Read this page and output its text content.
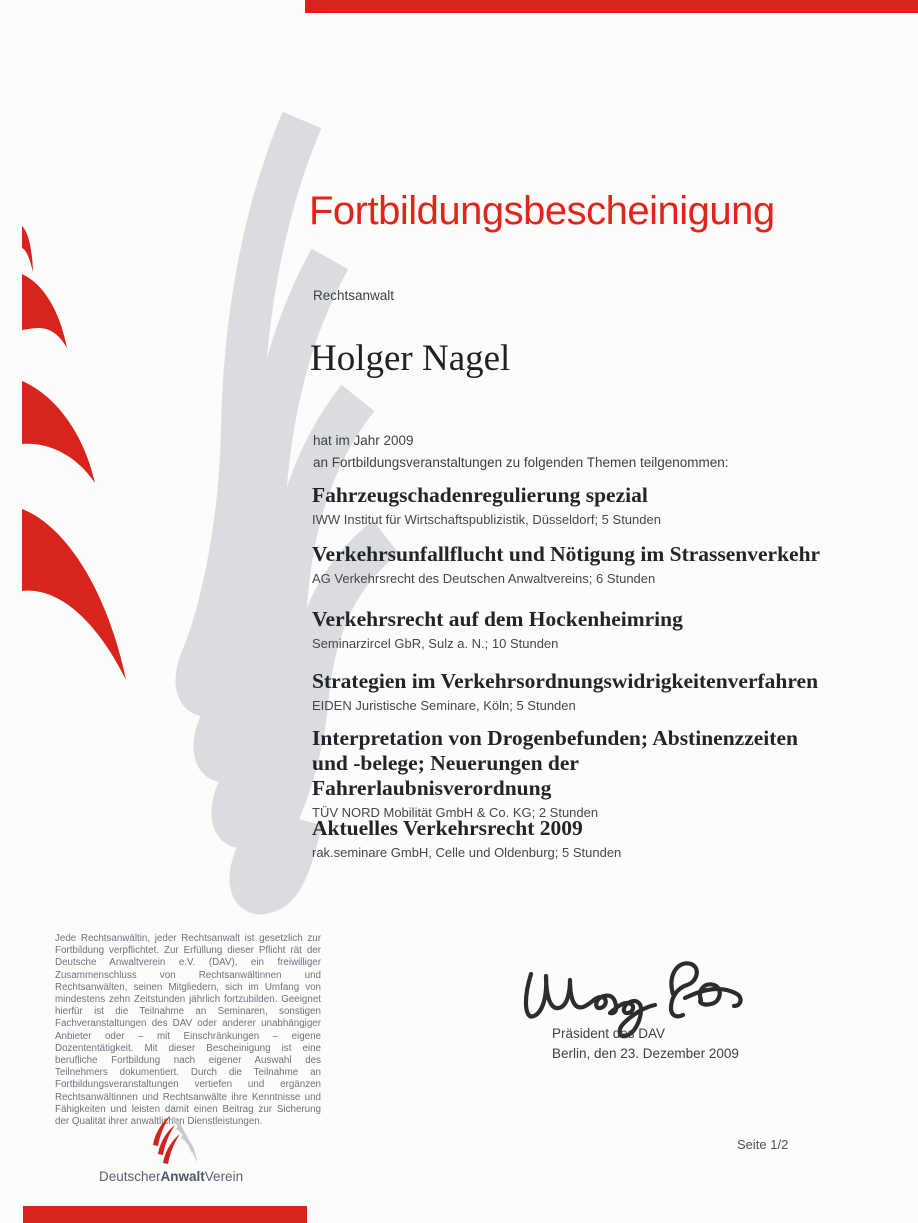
Fortbildungsbescheinigung
Rechtsanwalt
Holger Nagel
hat im Jahr 2009
an Fortbildungsveranstaltungen zu folgenden Themen teilgenommen:
Fahrzeugschadenregulierung spezial
IWW Institut für Wirtschaftspublizistik, Düsseldorf; 5 Stunden
Verkehrsunfallflucht und Nötigung im Strassenverkehr
AG Verkehrsrecht des Deutschen Anwaltvereins; 6 Stunden
Verkehrsrecht auf dem Hockenheimring
Seminarzircel GbR, Sulz a. N.; 10 Stunden
Strategien im Verkehrsordnungswidrigkeitenverfahren
EIDEN Juristische Seminare, Köln; 5 Stunden
Interpretation von Drogenbefunden; Abstinenzzeiten und -belege; Neuerungen der Fahrerlaubnisverordnung
TÜV NORD Mobilität GmbH & Co. KG; 2 Stunden
Aktuelles Verkehrsrecht 2009
rak.seminare GmbH, Celle und Oldenburg; 5 Stunden
Jede Rechtsanwältin, jeder Rechtsanwalt ist gesetzlich zur Fortbildung verpflichtet. Zur Erfüllung dieser Pflicht rät der Deutsche Anwaltverein e.V. (DAV), ein freiwilliger Zusammenschluss von Rechtsanwältinnen und Rechtsanwälten, seinen Mitgliedern, sich im Umfang von mindestens zehn Zeitstunden jährlich fortzubilden. Geeignet hierfür ist die Teilnahme an Seminaren, sonstigen Fachveranstaltungen des DAV oder anderer unabhängiger Anbieter oder – mit Einschränkungen – eigene Dozententätigkeit. Mit dieser Bescheinigung ist eine berufliche Fortbildung nach eigener Auswahl des Teilnehmers dokumentiert. Durch die Teilnahme an Fortbildungsveranstaltungen vertiefen und ergänzen Rechtsanwältinnen und Rechtsanwälte ihre Kenntnisse und Fähigkeiten und leisten damit einen Beitrag zur Sicherung der Qualität ihrer anwaltlichen Dienstleistungen.
Präsident des DAV
Berlin, den 23. Dezember 2009
Seite 1/2
DeutscherAnwaltVerein
